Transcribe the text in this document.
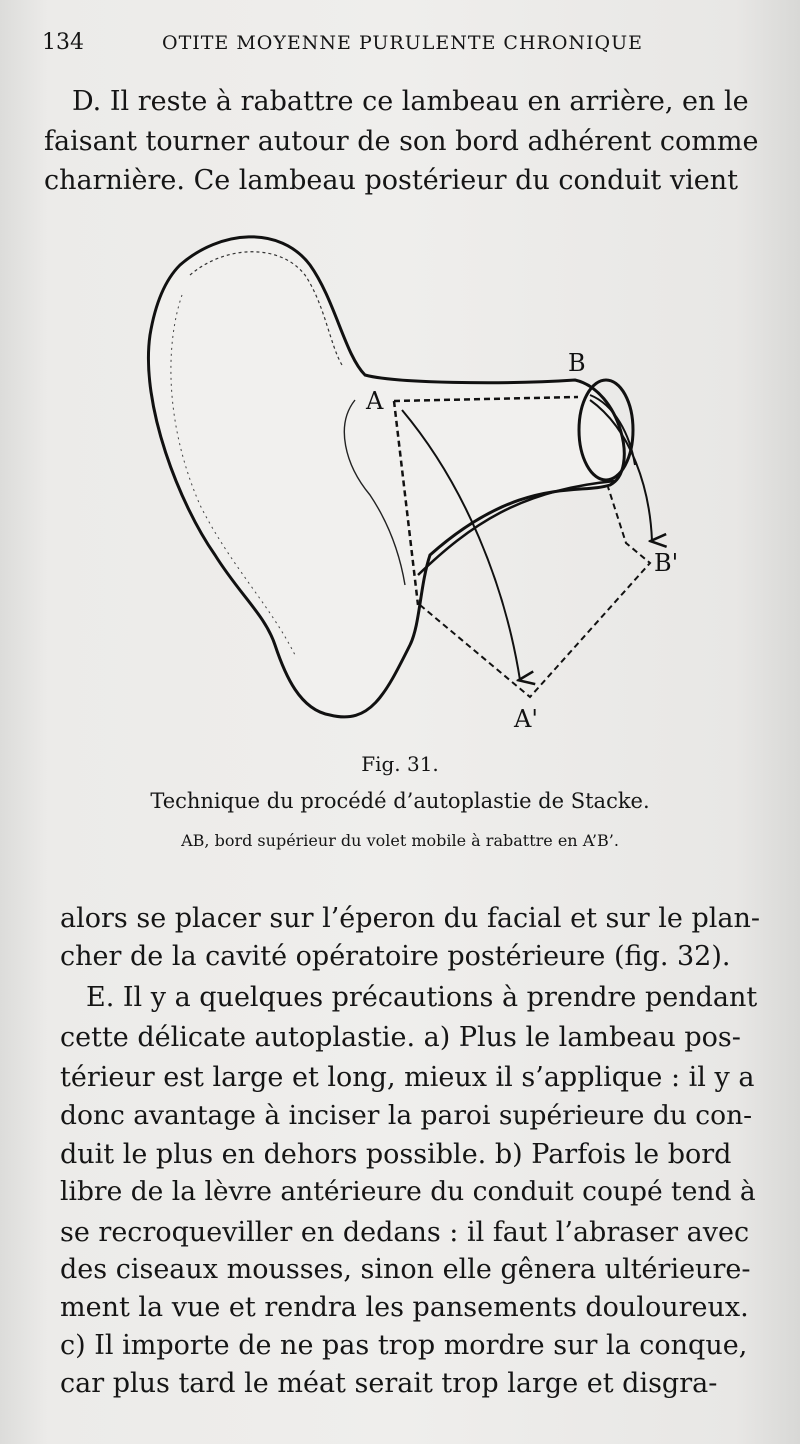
134	OTITE MOYENNE PURULENTE CHRONIQUE
D. Il reste à rabattre ce lambeau en arrière, en le
faisant tourner autour de son bord adhérent comme
charnière. Ce lambeau postérieur du conduit vient
A
B
B'
A'
Fig. 31.
Technique du procédé d’autoplastie de Stacke.
AB, bord supérieur du volet mobile à rabattre en A’B’.
alors se placer sur l’éperon du facial et sur le plan-
cher de la cavité opératoire postérieure (fig. 32).
E. Il y a quelques précautions à prendre pendant
cette délicate autoplastie. a) Plus le lambeau pos-
térieur est large et long, mieux il s’applique : il y a
donc avantage à inciser la paroi supérieure du con-
duit le plus en dehors possible. b) Parfois le bord
libre de la lèvre antérieure du conduit coupé tend à
se recroqueviller en dedans : il faut l’abraser avec
des ciseaux mousses, sinon elle gênera ultérieure-
ment la vue et rendra les pansements douloureux.
c) Il importe de ne pas trop mordre sur la conque,
car plus tard le méat serait trop large et disgra-
